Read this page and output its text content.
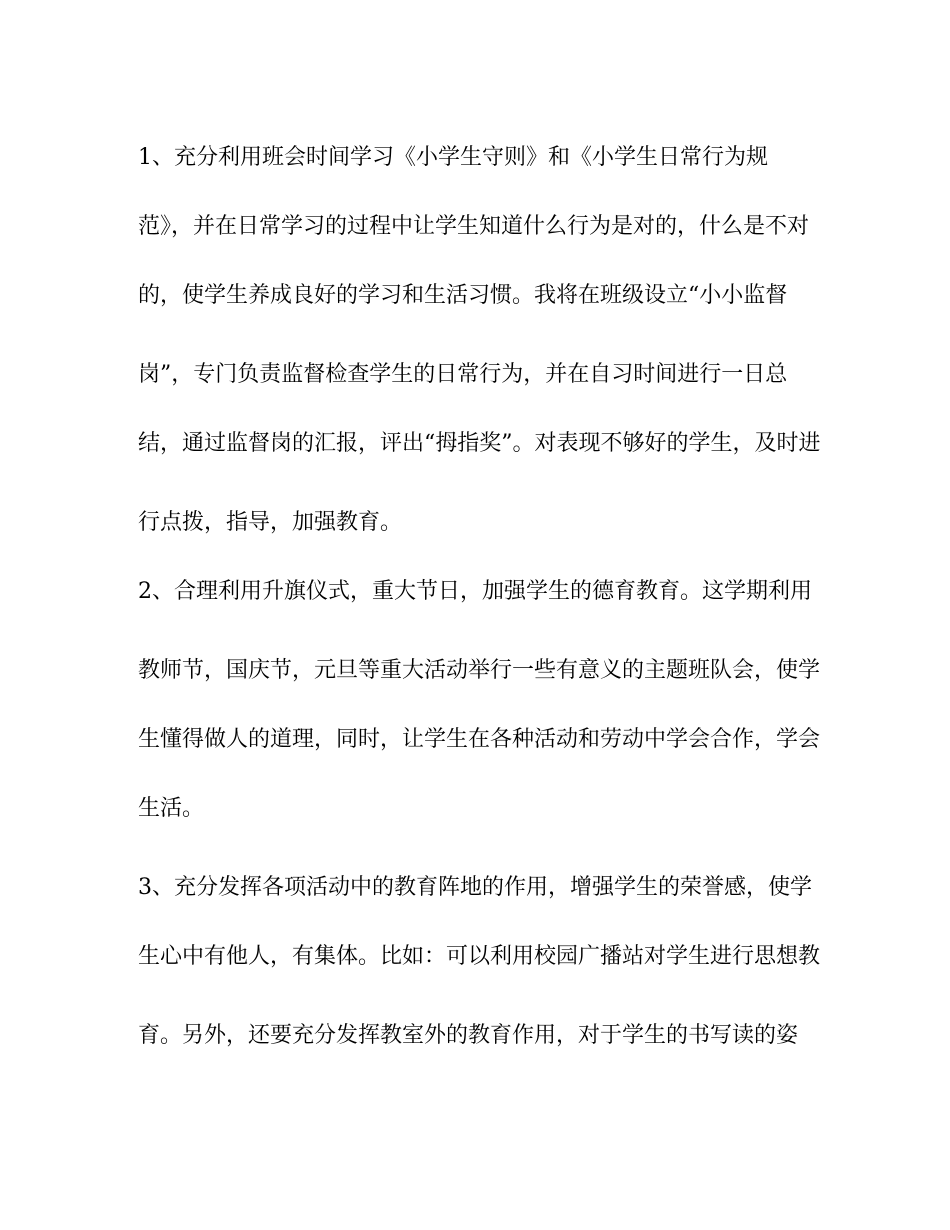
1、充分利用班会时间学习《小学生守则》和《小学生日常行为规
范》，并在日常学习的过程中让学生知道什么行为是对的，什么是不对
的，使学生养成良好的学习和生活习惯。我将在班级设立“小小监督
岗”，专门负责监督检查学生的日常行为，并在自习时间进行一日总
结，通过监督岗的汇报，评出“拇指奖”。对表现不够好的学生，及时进
行点拨，指导，加强教育。
2、合理利用升旗仪式，重大节日，加强学生的德育教育。这学期利用
教师节，国庆节，元旦等重大活动举行一些有意义的主题班队会，使学
生懂得做人的道理，同时，让学生在各种活动和劳动中学会合作，学会
生活。
3、充分发挥各项活动中的教育阵地的作用，增强学生的荣誉感，使学
生心中有他人，有集体。比如：可以利用校园广播站对学生进行思想教
育。另外，还要充分发挥教室外的教育作用，对于学生的书写读的姿
